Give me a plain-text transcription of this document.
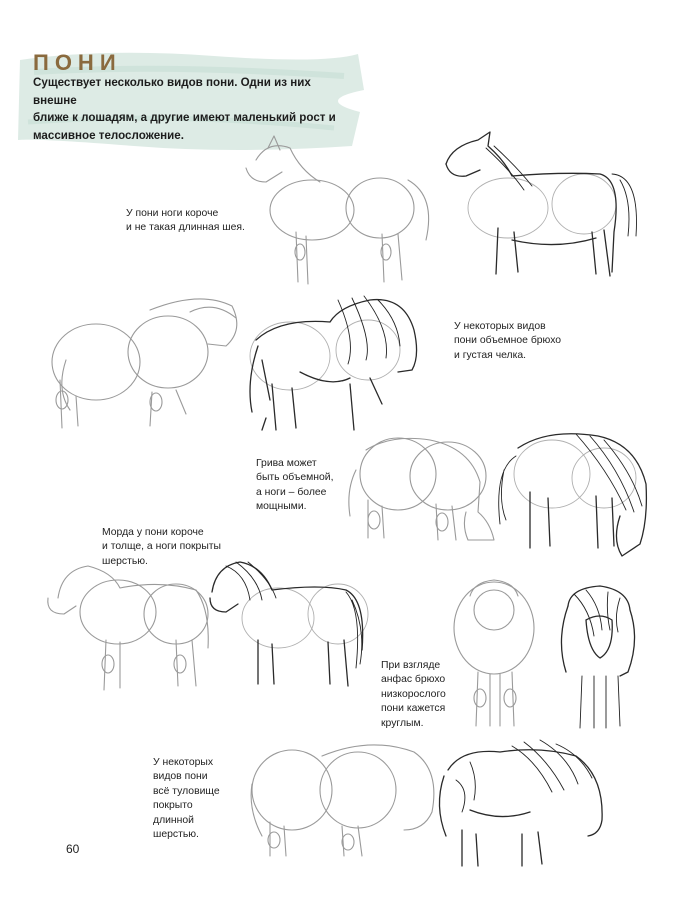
ПОНИ

Существует несколько видов пони. Одни из них внешне
ближе к лошадям, а другие имеют маленький рост и
массивное телосложение.

У пони ноги короче
и не такая длинная шея.

У некоторых видов
пони объемное брюхо
и густая челка.

Грива может
быть объемной,
а ноги – более
мощными.

Морда у пони короче
и толще, а ноги покрыты
шерстью.

При взгляде
анфас брюхо
низкорослого
пони кажется
круглым.

У некоторых
видов пони
всё туловище
покрыто
длинной
шерстью.

60
